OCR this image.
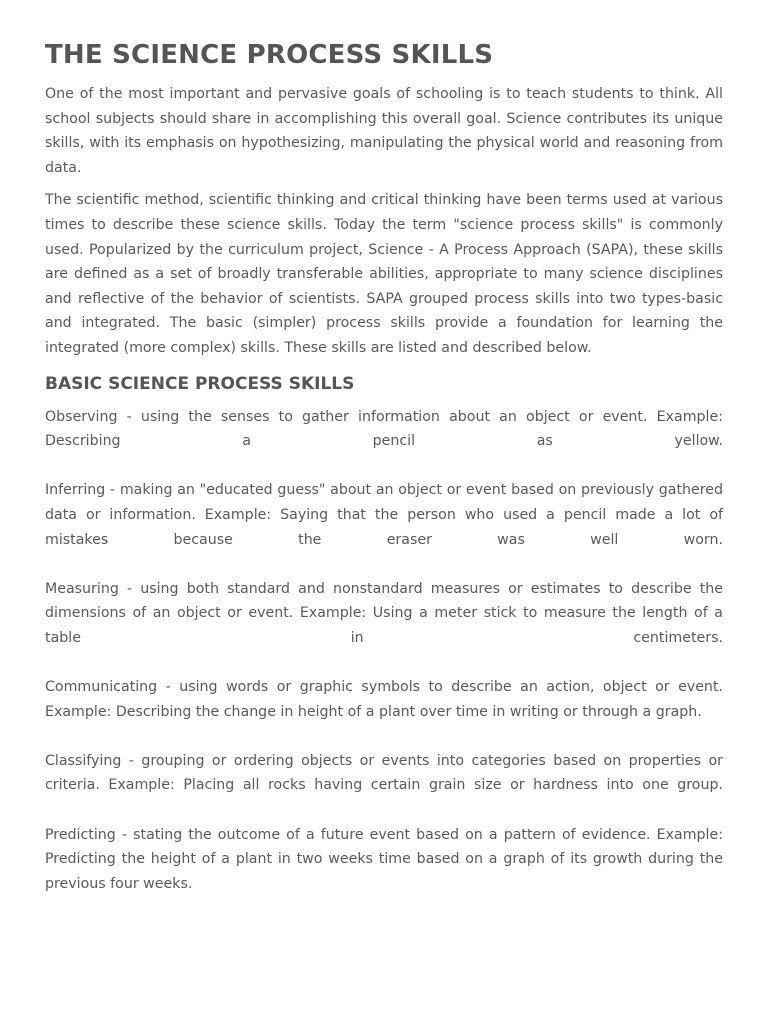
THE SCIENCE PROCESS SKILLS

One of the most important and pervasive goals of schooling is to teach students to think. All school subjects should share in accomplishing this overall goal. Science contributes its unique skills, with its emphasis on hypothesizing, manipulating the physical world and reasoning from data.

The scientific method, scientific thinking and critical thinking have been terms used at various times to describe these science skills. Today the term "science process skills" is commonly used. Popularized by the curriculum project, Science - A Process Approach (SAPA), these skills are defined as a set of broadly transferable abilities, appropriate to many science disciplines and reflective of the behavior of scientists. SAPA grouped process skills into two types-basic and integrated. The basic (simpler) process skills provide a foundation for learning the integrated (more complex) skills. These skills are listed and described below.

BASIC SCIENCE PROCESS SKILLS

Observing - using the senses to gather information about an object or event. Example: Describing a pencil as yellow.

Inferring - making an "educated guess" about an object or event based on previously gathered data or information. Example: Saying that the person who used a pencil made a lot of mistakes because the eraser was well worn.

Measuring - using both standard and nonstandard measures or estimates to describe the dimensions of an object or event. Example: Using a meter stick to measure the length of a table in centimeters.

Communicating - using words or graphic symbols to describe an action, object or event. Example: Describing the change in height of a plant over time in writing or through a graph.

Classifying - grouping or ordering objects or events into categories based on properties or criteria. Example: Placing all rocks having certain grain size or hardness into one group.

Predicting - stating the outcome of a future event based on a pattern of evidence. Example: Predicting the height of a plant in two weeks time based on a graph of its growth during the previous four weeks.
